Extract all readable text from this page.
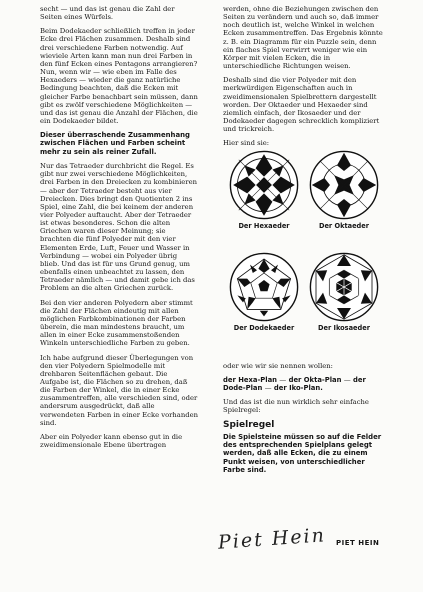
secht — und das ist genau die Zahl der Seiten eines Würfels.

Beim Dodekaeder schließlich treffen in jeder Ecke drei Flächen zusammen. Deshalb sind drei verschiedene Farben notwendig. Auf wieviele Arten kann man nun drei Farben in den fünf Ecken eines Pentagons arrangieren? Nun, wenn wir — wie eben im Falle des Hexaeders — wieder die ganz natürliche Bedingung beachten, daß die Ecken mit gleicher Farbe benachbart sein müssen, dann gibt es zwölf verschiedene Möglichkeiten — und das ist genau die Anzahl der Flächen, die ein Dodekaeder bildet.

Dieser überraschende Zusammenhang zwischen Flächen und Farben scheint mehr zu sein als reiner Zufall.

Nur das Tetraeder durchbricht die Regel. Es gibt nur zwei verschiedene Möglichkeiten, drei Farben in den Dreiecken zu kombinieren — aber der Tetraeder besteht aus vier Dreiecken. Dies bringt den Quotienten 2 ins Spiel, eine Zahl, die bei keinem der anderen vier Polyeder auftaucht. Aber der Tetraeder ist etwas besonderes. Schon die alten Griechen waren dieser Meinung; sie brachten die fünf Polyeder mit den vier Elementen Erde, Luft, Feuer und Wasser in Verbindung — wobei ein Polyeder übrig blieb. Und das ist für uns Grund genug, um ebenfalls einen unbeachtet zu lassen, den Tetraeder nämlich — und damit gebe ich das Problem an die alten Griechen zurück.

Bei den vier anderen Polyedern aber stimmt die Zahl der Flächen eindeutig mit allen möglichen Farbkombinationen der Farben überein, die man mindestens braucht, um allen in einer Ecke zusammenstoßenden Winkeln unterschiedliche Farben zu geben.

Ich habe aufgrund dieser Überlegungen von den vier Polyedern Spielmodelle mit drehbaren Seitenflächen gebaut. Die Aufgabe ist, die Flächen so zu drehen, daß die Farben der Winkel, die in einer Ecke zusammentreffen, alle verschieden sind, oder andersrum ausgedrückt, daß alle verwendeten Farben in einer Ecke vorhanden sind.

Aber ein Polyeder kann ebenso gut in die zweidimensionale Ebene übertragen

werden, ohne die Beziehungen zwischen den Seiten zu verändern und auch so, daß immer noch deutlich ist, welche Winkel in welchen Ecken zusammentreffen. Das Ergebnis könnte z. B. ein Diagramm für ein Puzzle sein, denn ein flaches Spiel verwirrt weniger wie ein Körper mit vielen Ecken, die in unterschiedliche Richtungen weisen.

Deshalb sind die vier Polyeder mit den merkwürdigen Eigenschaften auch in zweidimensionalen Spielbrettern dargestellt worden. Der Oktaeder und Hexaeder sind ziemlich einfach, der Ikosaeder und der Dodekaeder dagegen schrecklich kompliziert und trickreich.

Hier sind sie:

Der Hexaeder	Der Oktaeder
Der Dodekaeder	Der Ikosaeder

oder wie wir sie nennen wollen:

der Hexa-Plan — der Okta-Plan — der
Dode-Plan — der Iko-Plan.

Und das ist die nun wirklich sehr einfache Spielregel:

Spielregel

Die Spielsteine müssen so auf die Felder des entsprechenden Spielplans gelegt werden, daß alle Ecken, die zu einem Punkt weisen, von unterschiedlicher Farbe sind.

Piet Hein PIET HEIN
